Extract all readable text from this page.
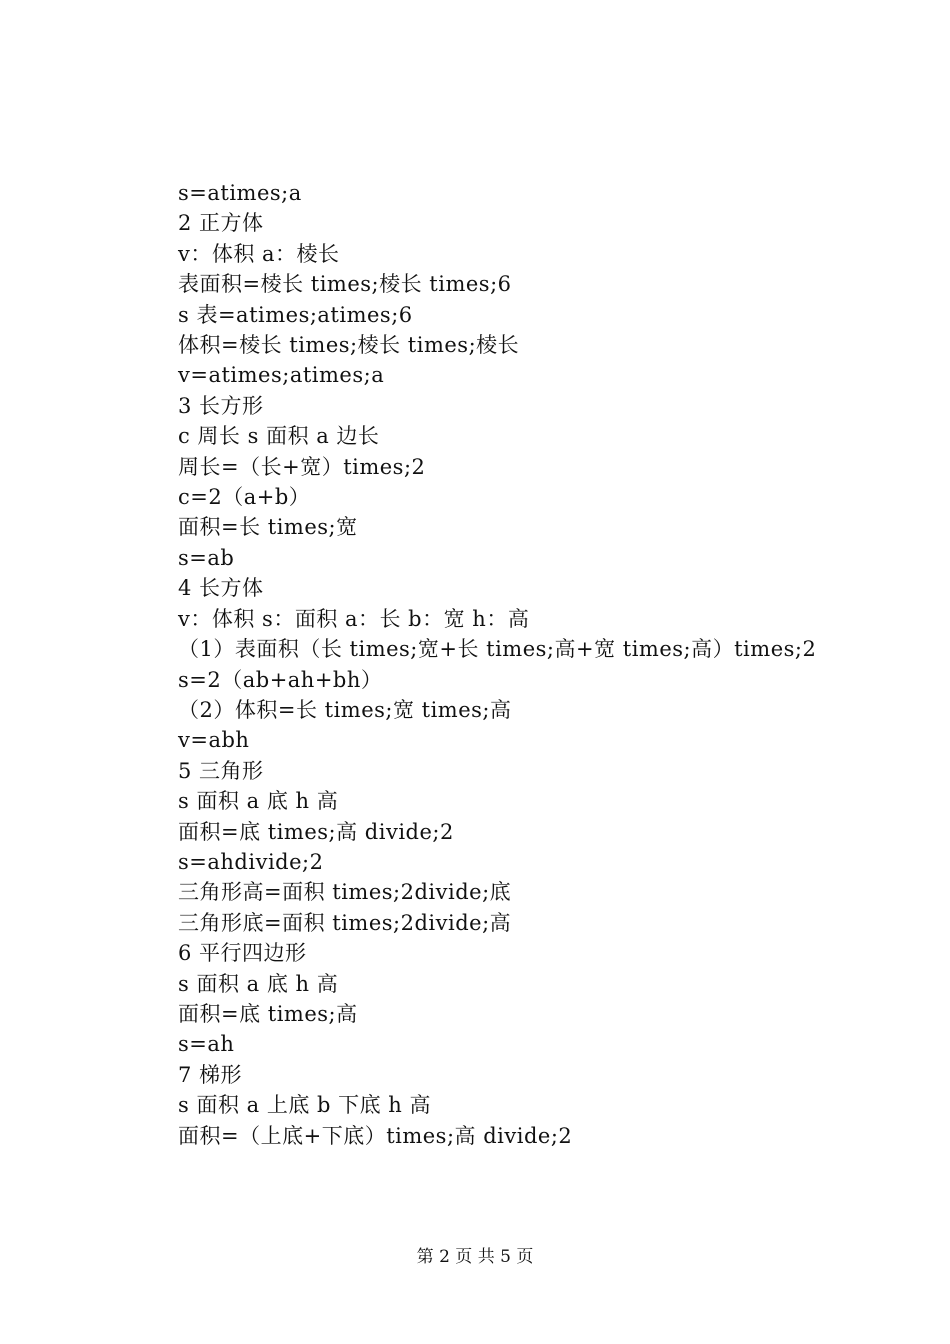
s=atimes;a
2 正方体
v：体积 a：棱长
表面积=棱长 times;棱长 times;6
s 表=atimes;atimes;6
体积=棱长 times;棱长 times;棱长
v=atimes;atimes;a
3 长方形
c 周长 s 面积 a 边长
周长=（长+宽）times;2
c=2（a+b）
面积=长 times;宽
s=ab
4 长方体
v：体积 s：面积 a：长 b：宽 h：高
（1）表面积（长 times;宽+长 times;高+宽 times;高）times;2
s=2（ab+ah+bh）
（2）体积=长 times;宽 times;高
v=abh
5 三角形
s 面积 a 底 h 高
面积=底 times;高 divide;2
s=ahdivide;2
三角形高=面积 times;2divide;底
三角形底=面积 times;2divide;高
6 平行四边形
s 面积 a 底 h 高
面积=底 times;高
s=ah
7 梯形
s 面积 a 上底 b 下底 h 高
面积=（上底+下底）times;高 divide;2
第 2 页 共 5 页
